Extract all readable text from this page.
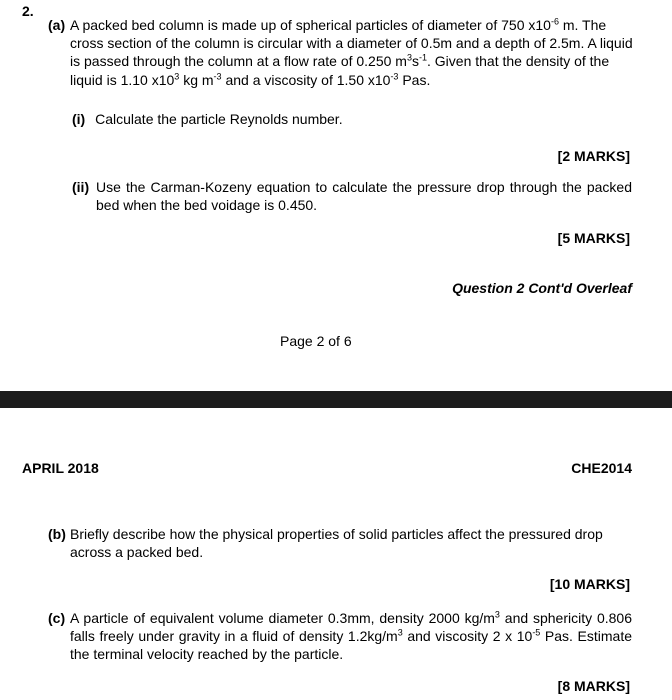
2.
(a) A packed bed column is made up of spherical particles of diameter of 750 $x10^{-6}$ m. The cross section of the column is circular with a diameter of 0.5m and a depth of 2.5m. A liquid is passed through the column at a flow rate of 0.250 $m^3s^{-1}$. Given that the density of the liquid is 1.10 $x10^3$ kg $m^{-3}$ and a viscosity of 1.50 $x10^{-3}$ Pas.
(i) Calculate the particle Reynolds number.
[2 MARKS]
(ii) Use the Carman-Kozeny equation to calculate the pressure drop through the packed bed when the bed voidage is 0.450.
[5 MARKS]
Question 2 Cont'd Overleaf
Page 2 of 6
APRIL 2018	CHE2014
(b) Briefly describe how the physical properties of solid particles affect the pressured drop across a packed bed.
[10 MARKS]
(c) A particle of equivalent volume diameter 0.3mm, density 2000 $kg/m^3$ and sphericity 0.806 falls freely under gravity in a fluid of density $1.2kg/m^3$ and viscosity 2 x $10^{-5}$ Pas. Estimate the terminal velocity reached by the particle.
[8 MARKS]
